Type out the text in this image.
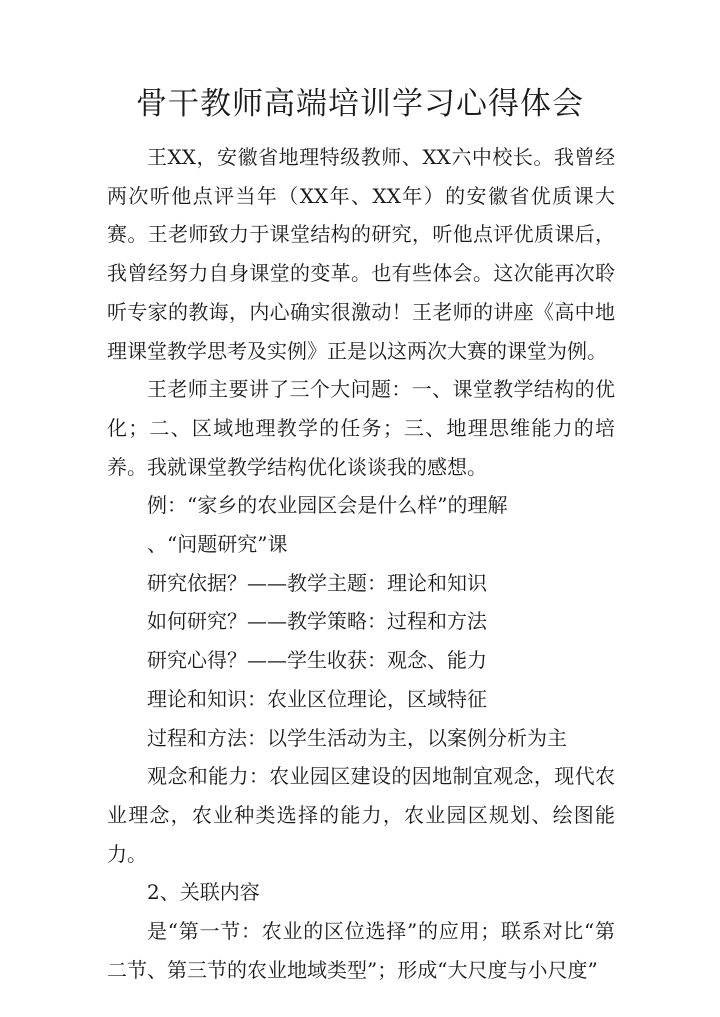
骨干教师高端培训学习心得体会

王XX，安徽省地理特级教师、XX六中校长。我曾经两次听他点评当年（XX年、XX年）的安徽省优质课大赛。王老师致力于课堂结构的研究，听他点评优质课后，我曾经努力自身课堂的变革。也有些体会。这次能再次聆听专家的教诲，内心确实很激动！王老师的讲座《高中地理课堂教学思考及实例》正是以这两次大赛的课堂为例。

王老师主要讲了三个大问题：一、课堂教学结构的优化；二、区域地理教学的任务；三、地理思维能力的培养。我就课堂教学结构优化谈谈我的感想。

例：“家乡的农业园区会是什么样”的理解

、“问题研究”课

研究依据？——教学主题：理论和知识

如何研究？——教学策略：过程和方法

研究心得？——学生收获：观念、能力

理论和知识：农业区位理论，区域特征

过程和方法：以学生活动为主，以案例分析为主

观念和能力：农业园区建设的因地制宜观念，现代农业理念，农业种类选择的能力，农业园区规划、绘图能力。

2、关联内容

是“第一节：农业的区位选择”的应用；联系对比“第二节、第三节的农业地域类型”；形成“大尺度与小尺度”
